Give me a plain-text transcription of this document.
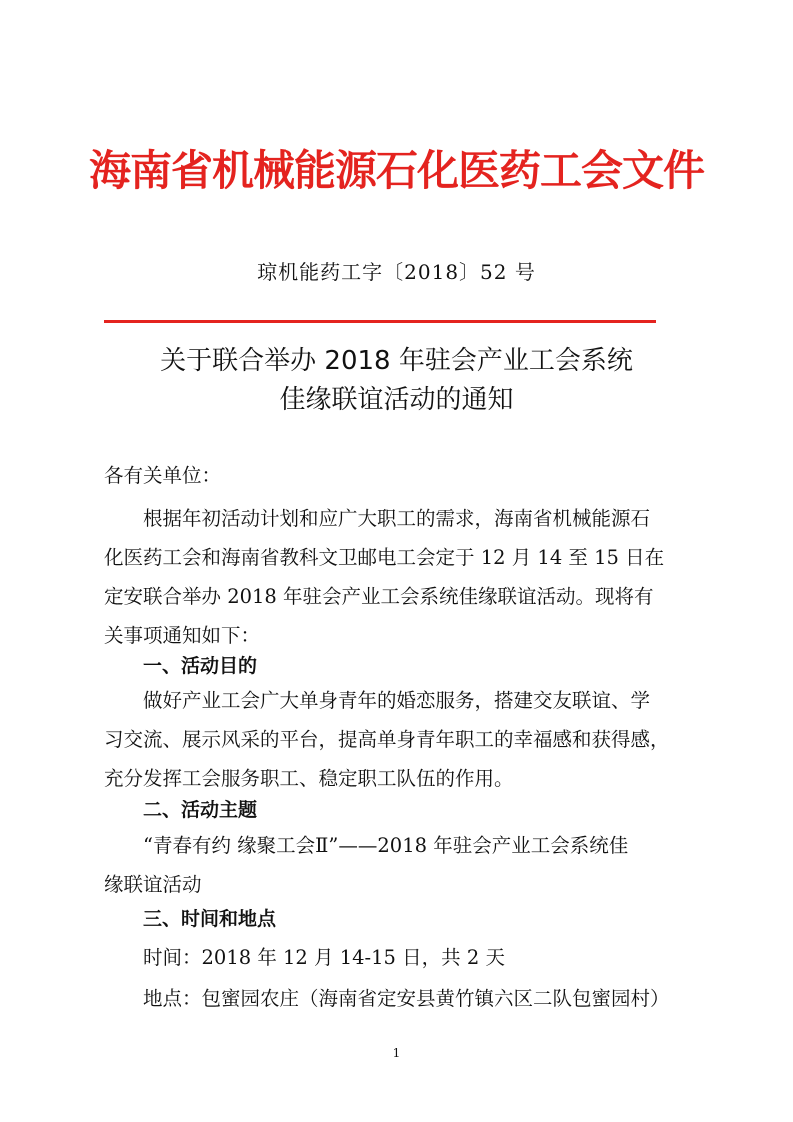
海南省机械能源石化医药工会文件
琼机能药工字〔2018〕52 号
关于联合举办 2018 年驻会产业工会系统
佳缘联谊活动的通知
各有关单位：
根据年初活动计划和应广大职工的需求，海南省机械能源石
化医药工会和海南省教科文卫邮电工会定于 12 月 14 至 15 日在
定安联合举办 2018 年驻会产业工会系统佳缘联谊活动。现将有
关事项通知如下：
一、活动目的
做好产业工会广大单身青年的婚恋服务，搭建交友联谊、学
习交流、展示风采的平台，提高单身青年职工的幸福感和获得感，
充分发挥工会服务职工、稳定职工队伍的作用。
二、活动主题
“青春有约 缘聚工会Ⅱ”——2018 年驻会产业工会系统佳
缘联谊活动
三、时间和地点
时间：2018 年 12 月 14-15 日，共 2 天
地点：包蜜园农庄（海南省定安县黄竹镇六区二队包蜜园村）
1
